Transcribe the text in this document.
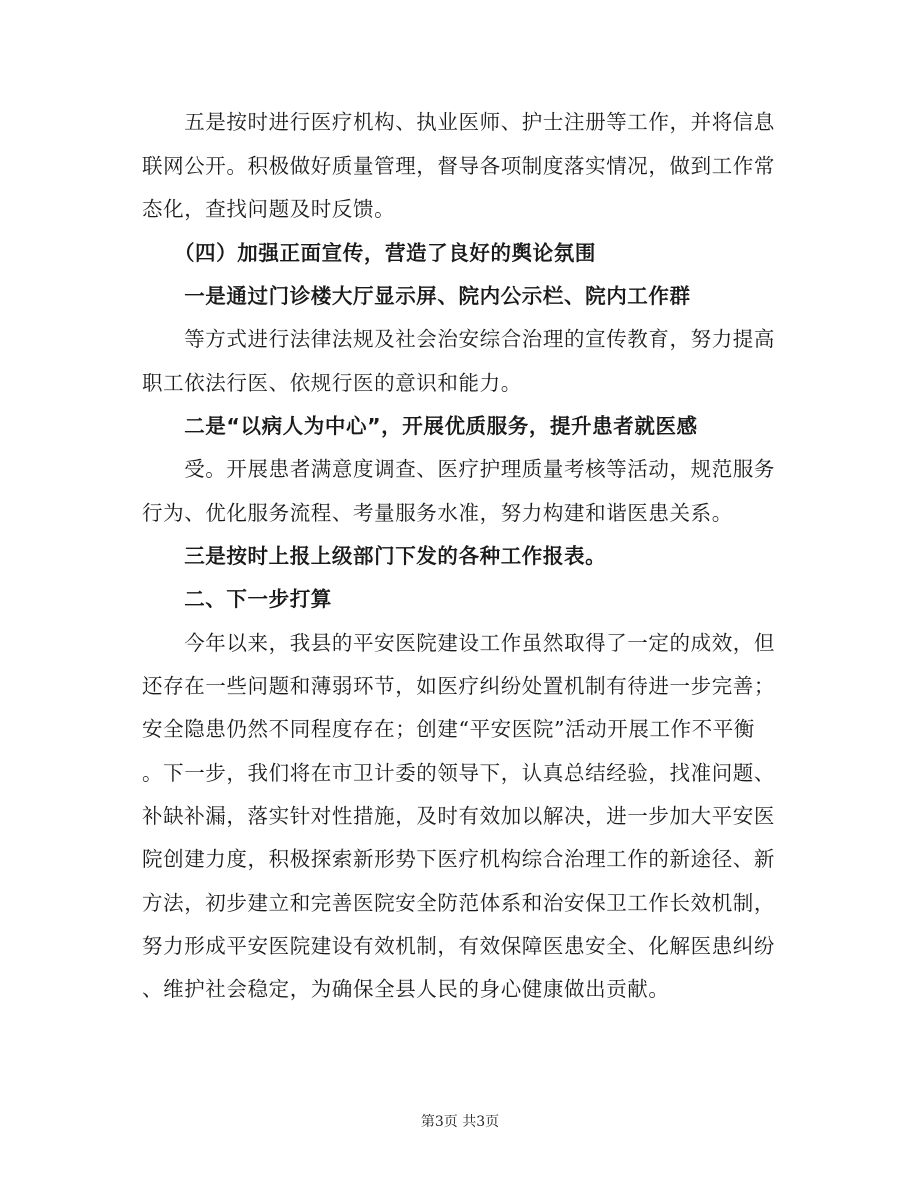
　　五是按时进行医疗机构、执业医师、护士注册等工作，并将信息

联网公开。积极做好质量管理，督导各项制度落实情况，做到工作常

态化，查找问题及时反馈。

　　（四）加强正面宣传，营造了良好的舆论氛围

　　一是通过门诊楼大厅显示屏、院内公示栏、院内工作群

　　等方式进行法律法规及社会治安综合治理的宣传教育，努力提高

职工依法行医、依规行医的意识和能力。

　　二是“以病人为中心”，开展优质服务，提升患者就医感

　　受。开展患者满意度调查、医疗护理质量考核等活动，规范服务

行为、优化服务流程、考量服务水准，努力构建和谐医患关系。

　　三是按时上报上级部门下发的各种工作报表。

　　二、下一步打算

　　今年以来，我县的平安医院建设工作虽然取得了一定的成效，但

还存在一些问题和薄弱环节，如医疗纠纷处置机制有待进一步完善；

安全隐患仍然不同程度存在；创建“平安医院”活动开展工作不平衡

。下一步，我们将在市卫计委的领导下，认真总结经验，找准问题、

补缺补漏，落实针对性措施，及时有效加以解决，进一步加大平安医

院创建力度，积极探索新形势下医疗机构综合治理工作的新途径、新

方法，初步建立和完善医院安全防范体系和治安保卫工作长效机制，

努力形成平安医院建设有效机制，有效保障医患安全、化解医患纠纷

、维护社会稳定，为确保全县人民的身心健康做出贡献。

第3页 共3页
